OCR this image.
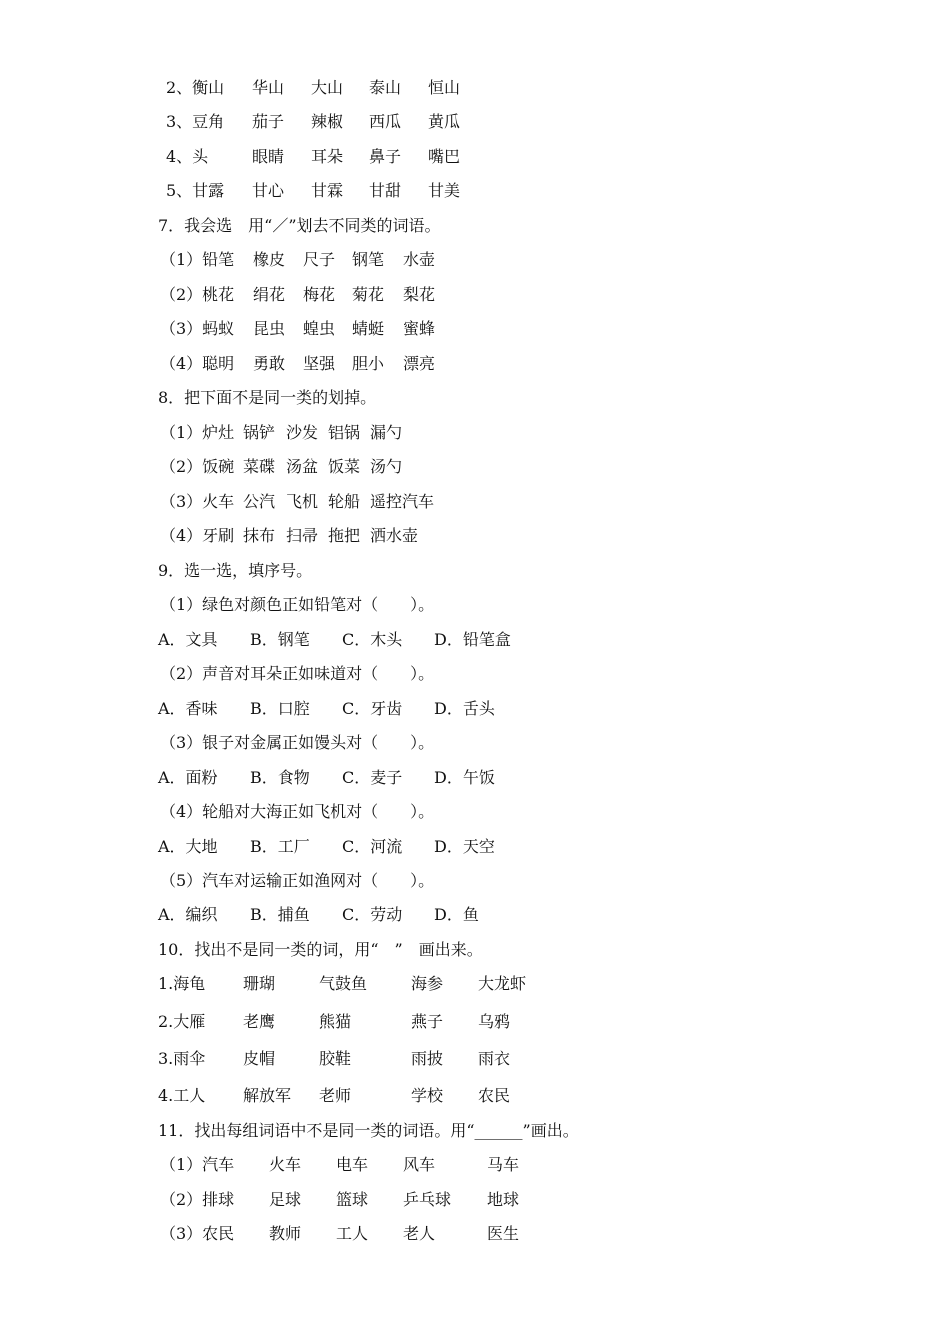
2、衡山 华山 大山 泰山 恒山
3、豆角 茄子 辣椒 西瓜 黄瓜
4、头	眼睛 耳朵 鼻子 嘴巴
5、甘露 甘心 甘霖 甘甜 甘美
7．我会选　用“／”划去不同类的词语。
（1）铅笔 橡皮 尺子 钢笔 水壶
（2）桃花 绢花 梅花 菊花 梨花
（3）蚂蚁 昆虫 蝗虫 蜻蜓 蜜蜂
（4）聪明 勇敢 坚强 胆小 漂亮
8．把下面不是同一类的划掉。
（1）炉灶 锅铲 沙发 铝锅 漏勺
（2）饭碗 菜碟 汤盆 饭菜 汤勺
（3）火车 公汽 飞机 轮船 遥控汽车
（4）牙刷 抹布 扫帚 拖把 洒水壶
9．选一选，填序号。
（1）绿色对颜色正如铅笔对（　　）。
A．文具 B．钢笔 C．木头 D．铅笔盒
（2）声音对耳朵正如味道对（　　）。
A．香味 B．口腔 C．牙齿 D．舌头
（3）银子对金属正如馒头对（　　）。
A．面粉 B．食物 C．麦子 D．午饭
（4）轮船对大海正如飞机对（　　）。
A．大地 B．工厂 C．河流 D．天空
（5）汽车对运输正如渔网对（　　）。
A．编织 B．捕鱼 C．劳动 D．鱼
10．找出不是同一类的词，用“　”　画出来。
1.海龟 珊瑚	气鼓鱼	海参 大龙虾
2.大雁 老鹰	熊猫	燕子 乌鸦
3.雨伞 皮帽	胶鞋	雨披 雨衣
4.工人 解放军 老师	学校 农民
11．找出每组词语中不是同一类的词语。用“______”画出。
（1）汽车 火车 电车 风车	马车
（2）排球 足球 篮球 乒乓球 地球
（3）农民 教师 工人 老人	医生
